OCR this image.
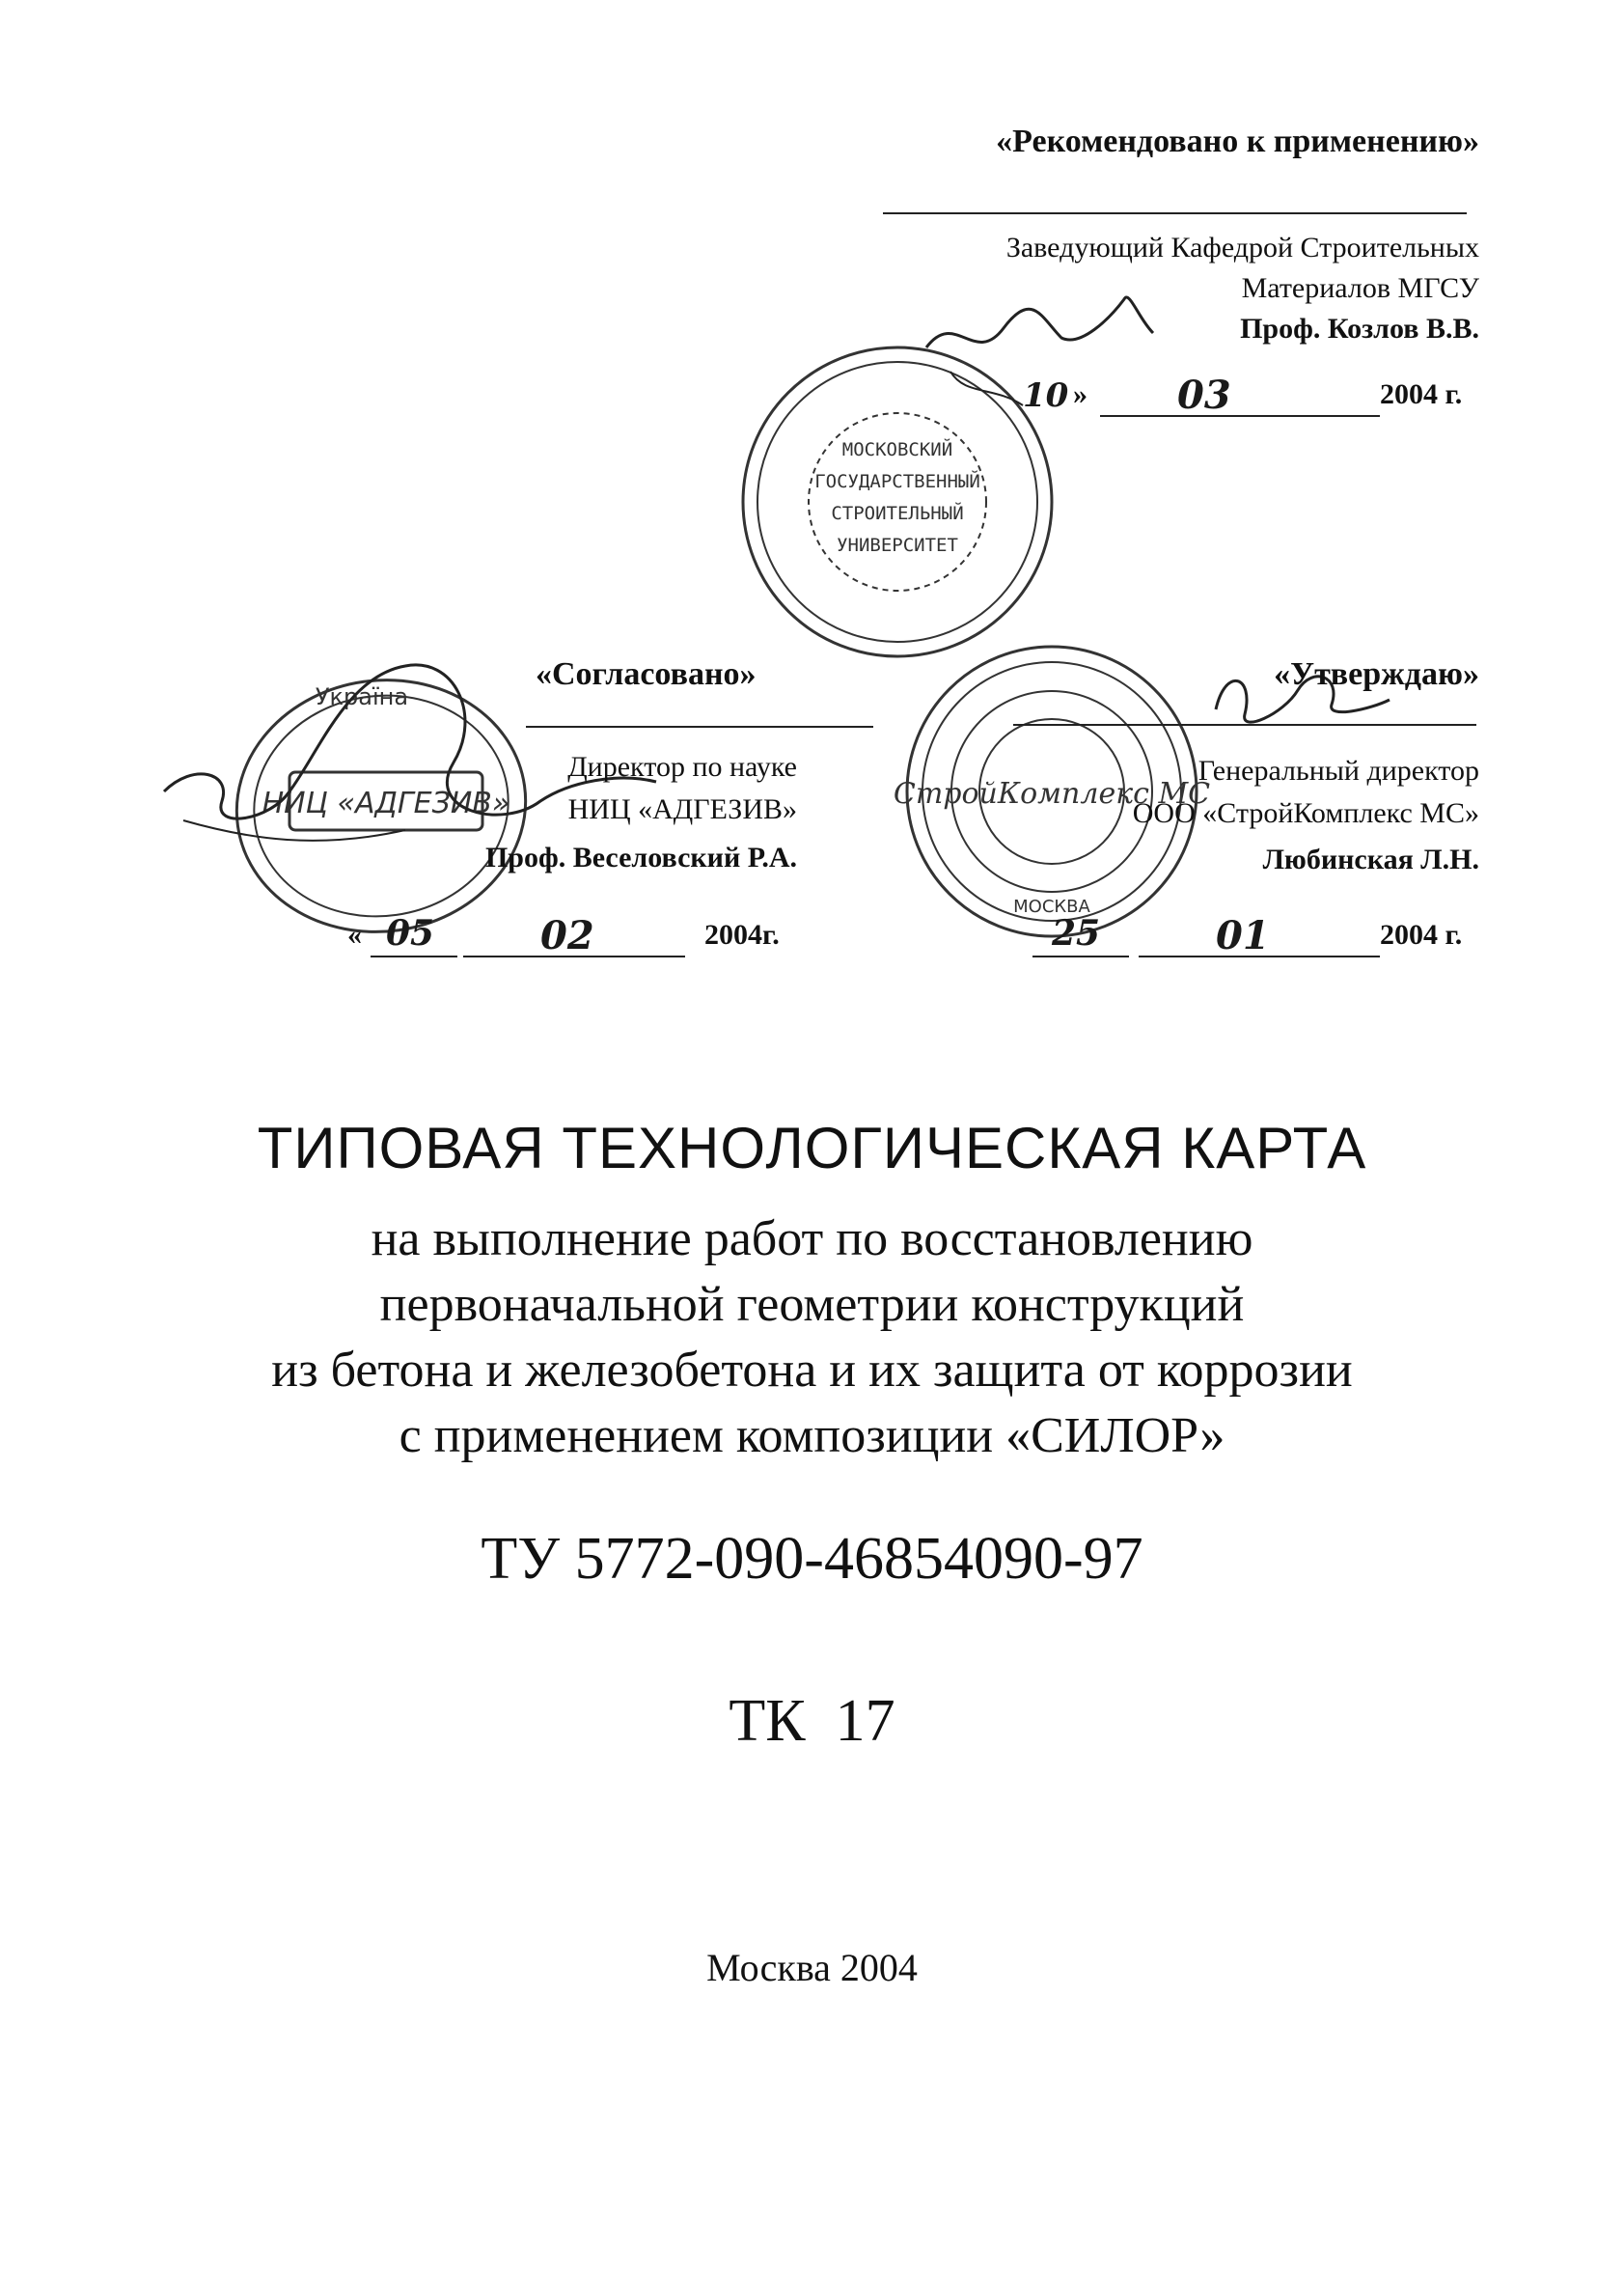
МОСКОВСКИЙ
ГОСУДАРСТВЕННЫЙ
СТРОИТЕЛЬНЫЙ
УНИВЕРСИТЕТ
НИЦ «АДГЕЗИВ»
Україна
СтройКомплекс МС
МОСКВА
«Рекомендовано к применению»
Заведующий Кафедрой Строительных
Материалов МГСУ
Проф. Козлов В.В.
10 » 03	2004 г.
«Согласовано»
Директор по науке
НИЦ «АДГЕЗИВ»
Проф. Веселовский Р.А.
« 05	02	2004г.
«Утверждаю»
Генеральный директор
ООО «СтройКомплекс МС»
Любинская Л.Н.
25	01	2004 г.
ТИПОВАЯ ТЕХНОЛОГИЧЕСКАЯ КАРТА
на выполнение работ по восстановлению
первоначальной геометрии конструкций
из бетона и железобетона и их защита от коррозии
с применением композиции «СИЛОР»
ТУ 5772-090-46854090-97
ТК  17
Москва 2004
